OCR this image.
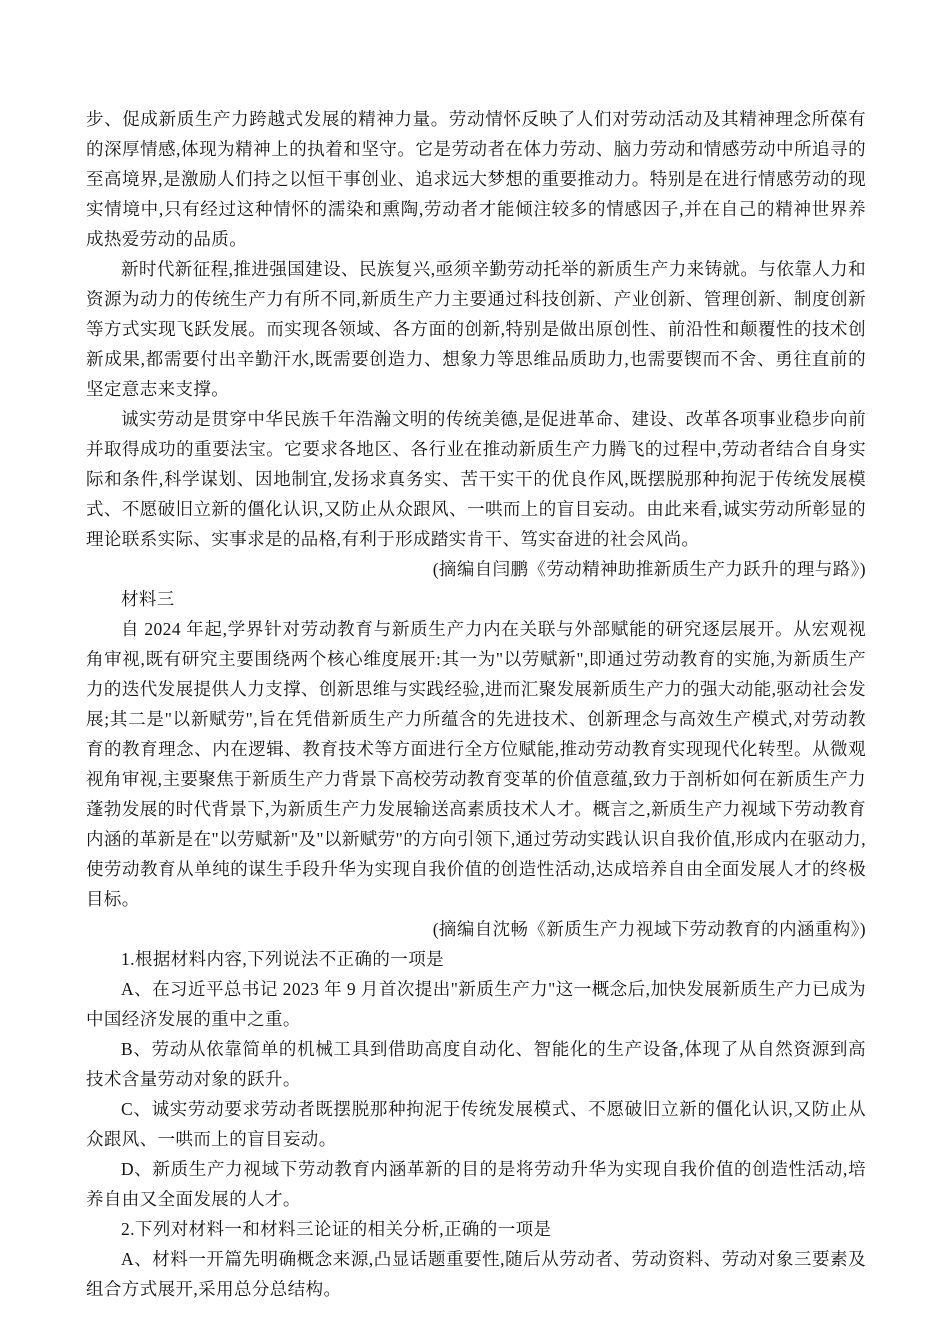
步、促成新质生产力跨越式发展的精神力量。劳动情怀反映了人们对劳动活动及其精神理念所葆有的深厚情感,体现为精神上的执着和坚守。它是劳动者在体力劳动、脑力劳动和情感劳动中所追寻的至高境界,是激励人们持之以恒干事创业、追求远大梦想的重要推动力。特别是在进行情感劳动的现实情境中,只有经过这种情怀的濡染和熏陶,劳动者才能倾注较多的情感因子,并在自己的精神世界养成热爱劳动的品质。

新时代新征程,推进强国建设、民族复兴,亟须辛勤劳动托举的新质生产力来铸就。与依靠人力和资源为动力的传统生产力有所不同,新质生产力主要通过科技创新、产业创新、管理创新、制度创新等方式实现飞跃发展。而实现各领域、各方面的创新,特别是做出原创性、前沿性和颠覆性的技术创新成果,都需要付出辛勤汗水,既需要创造力、想象力等思维品质助力,也需要锲而不舍、勇往直前的坚定意志来支撑。

诚实劳动是贯穿中华民族千年浩瀚文明的传统美德,是促进革命、建设、改革各项事业稳步向前并取得成功的重要法宝。它要求各地区、各行业在推动新质生产力腾飞的过程中,劳动者结合自身实际和条件,科学谋划、因地制宜,发扬求真务实、苦干实干的优良作风,既摆脱那种拘泥于传统发展模式、不愿破旧立新的僵化认识,又防止从众跟风、一哄而上的盲目妄动。由此来看,诚实劳动所彰显的理论联系实际、实事求是的品格,有利于形成踏实肯干、笃实奋进的社会风尚。

(摘编自闫鹏《劳动精神助推新质生产力跃升的理与路》)

材料三

自 2024 年起,学界针对劳动教育与新质生产力内在关联与外部赋能的研究逐层展开。从宏观视角审视,既有研究主要围绕两个核心维度展开:其一为"以劳赋新",即通过劳动教育的实施,为新质生产力的迭代发展提供人力支撑、创新思维与实践经验,进而汇聚发展新质生产力的强大动能,驱动社会发展;其二是"以新赋劳",旨在凭借新质生产力所蕴含的先进技术、创新理念与高效生产模式,对劳动教育的教育理念、内在逻辑、教育技术等方面进行全方位赋能,推动劳动教育实现现代化转型。从微观视角审视,主要聚焦于新质生产力背景下高校劳动教育变革的价值意蕴,致力于剖析如何在新质生产力蓬勃发展的时代背景下,为新质生产力发展输送高素质技术人才。概言之,新质生产力视域下劳动教育内涵的革新是在"以劳赋新"及"以新赋劳"的方向引领下,通过劳动实践认识自我价值,形成内在驱动力,使劳动教育从单纯的谋生手段升华为实现自我价值的创造性活动,达成培养自由全面发展人才的终极目标。

(摘编自沈畅《新质生产力视域下劳动教育的内涵重构》)

1.根据材料内容,下列说法不正确的一项是

A、在习近平总书记 2023 年 9 月首次提出"新质生产力"这一概念后,加快发展新质生产力已成为中国经济发展的重中之重。

B、劳动从依靠简单的机械工具到借助高度自动化、智能化的生产设备,体现了从自然资源到高技术含量劳动对象的跃升。

C、诚实劳动要求劳动者既摆脱那种拘泥于传统发展模式、不愿破旧立新的僵化认识,又防止从众跟风、一哄而上的盲目妄动。

D、新质生产力视域下劳动教育内涵革新的目的是将劳动升华为实现自我价值的创造性活动,培养自由又全面发展的人才。

2.下列对材料一和材料三论证的相关分析,正确的一项是

A、材料一开篇先明确概念来源,凸显话题重要性,随后从劳动者、劳动资料、劳动对象三要素及组合方式展开,采用总分总结构。
